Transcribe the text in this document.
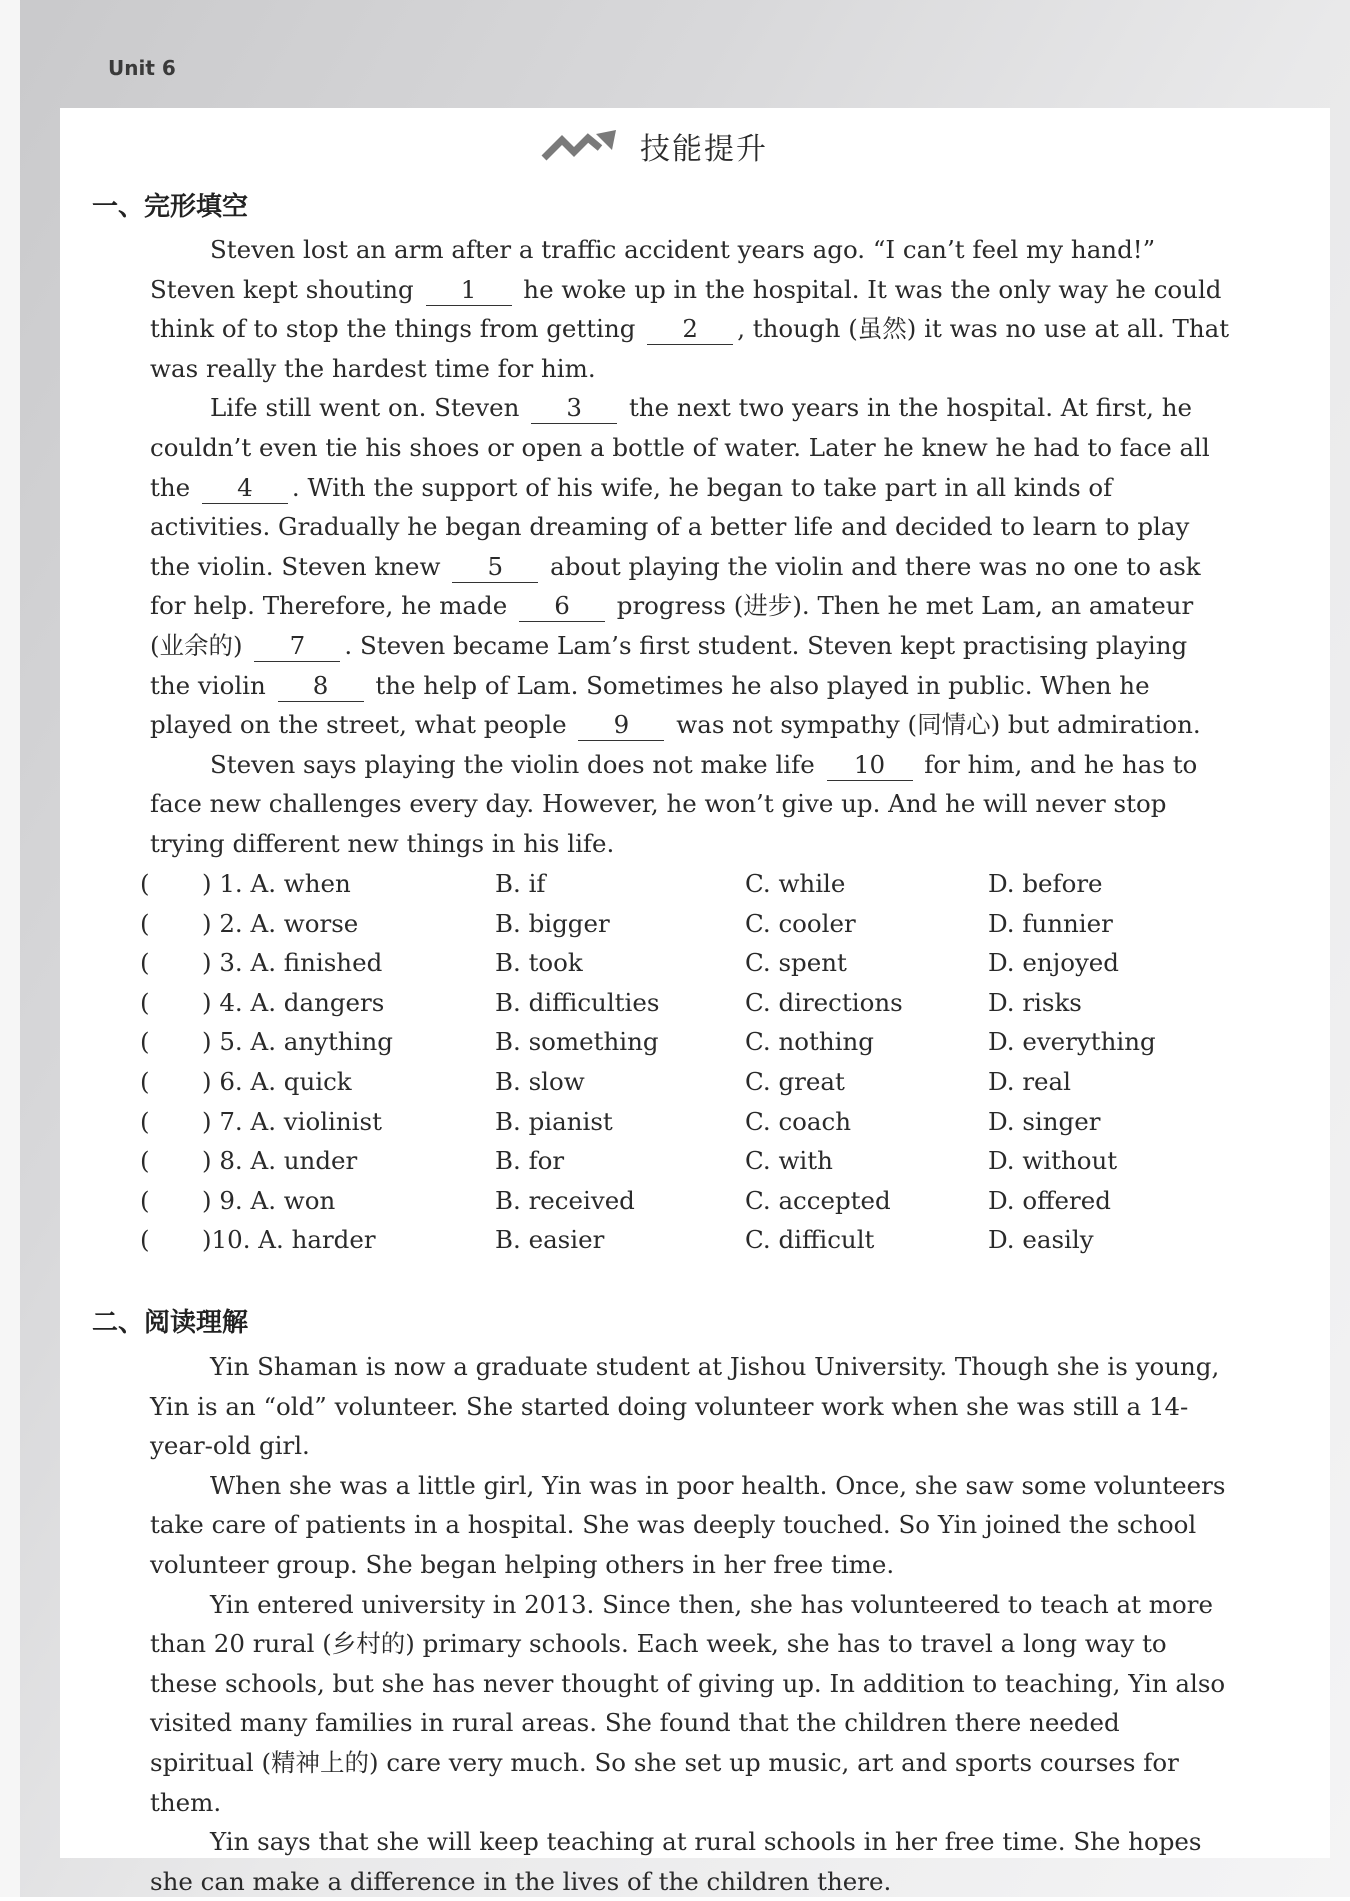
Unit 6
技能提升
一、完形填空

Steven lost an arm after a traffic accident years ago. “I can’t feel my hand!” Steven kept shouting 1 he woke up in the hospital. It was the only way he could think of to stop the things from getting 2 , though (虽然) it was no use at all. That was really the hardest time for him.

Life still went on. Steven 3 the next two years in the hospital. At first, he couldn’t even tie his shoes or open a bottle of water. Later he knew he had to face all the 4 . With the support of his wife, he began to take part in all kinds of activities. Gradually he began dreaming of a better life and decided to learn to play the violin. Steven knew 5 about playing the violin and there was no one to ask for help. Therefore, he made 6 progress (进步). Then he met Lam, an amateur (业余的) 7 . Steven became Lam’s first student. Steven kept practising playing the violin 8 the help of Lam. Sometimes he also played in public. When he played on the street, what people 9 was not sympathy (同情心) but admiration.

Steven says playing the violin does not make life 10 for him, and he has to face new challenges every day. However, he won’t give up. And he will never stop trying different new things in his life.

( ) 1. A. when	B. if	C. while	D. before
( ) 2. A. worse	B. bigger	C. cooler	D. funnier
( ) 3. A. finished	B. took	C. spent	D. enjoyed
( ) 4. A. dangers	B. difficulties	C. directions	D. risks
( ) 5. A. anything	B. something	C. nothing	D. everything
( ) 6. A. quick	B. slow	C. great	D. real
( ) 7. A. violinist	B. pianist	C. coach	D. singer
( ) 8. A. under	B. for	C. with	D. without
( ) 9. A. won	B. received	C. accepted	D. offered
( )10. A. harder	B. easier	C. difficult	D. easily
二、阅读理解

Yin Shaman is now a graduate student at Jishou University. Though she is young, Yin is an “old” volunteer. She started doing volunteer work when she was still a 14-year-old girl.

When she was a little girl, Yin was in poor health. Once, she saw some volunteers take care of patients in a hospital. She was deeply touched. So Yin joined the school volunteer group. She began helping others in her free time.

Yin entered university in 2013. Since then, she has volunteered to teach at more than 20 rural (乡村的) primary schools. Each week, she has to travel a long way to these schools, but she has never thought of giving up. In addition to teaching, Yin also visited many families in rural areas. She found that the children there needed spiritual (精神上的) care very much. So she set up music, art and sports courses for them.

Yin says that she will keep teaching at rural schools in her free time. She hopes she can make a difference in the lives of the children there.
